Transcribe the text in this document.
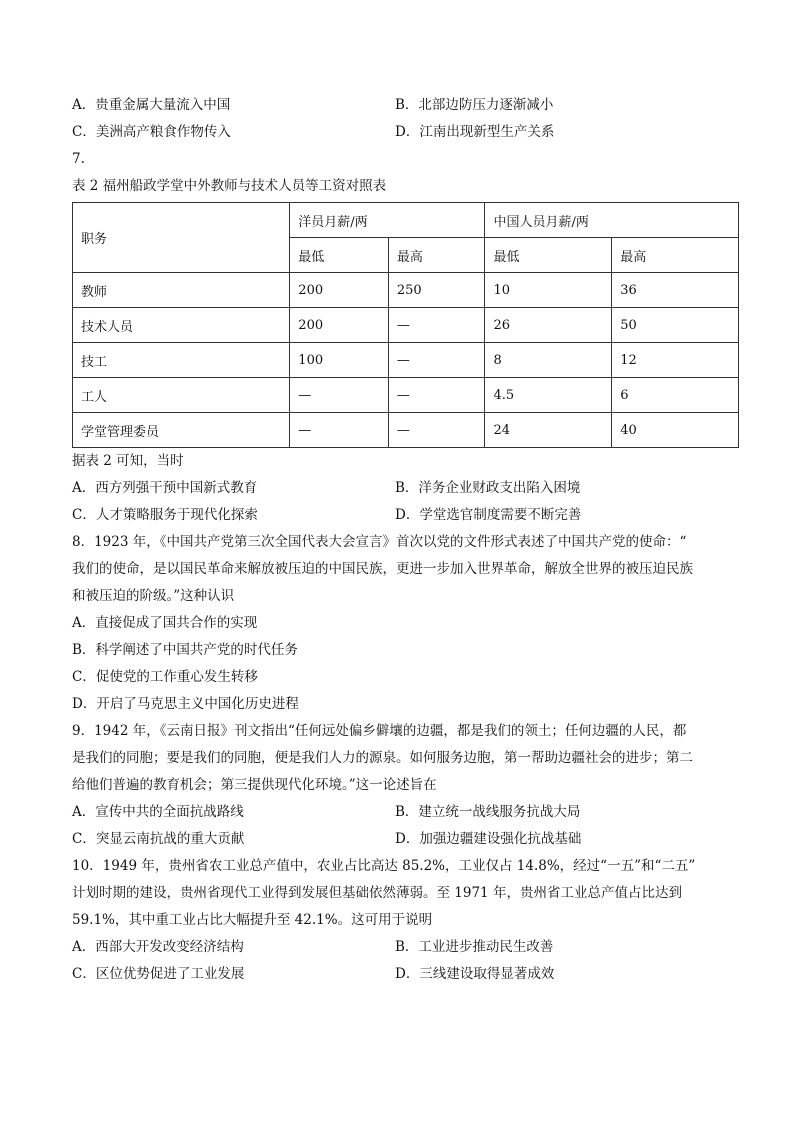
A．贵重金属大量流入中国	B．北部边防压力逐渐减小
C．美洲高产粮食作物传入	D．江南出现新型生产关系
7.
表 2 福州船政学堂中外教师与技术人员等工资对照表
职务	洋员月薪/两		中国人员月薪/两	
	最低	最高	最低	最高
教师	200	250	10	36
技术人员	200	—	26	50
技工	100	—	8	12
工人	—	—	4.5	6
学堂管理委员	—	—	24	40
据表 2 可知，当时
A．西方列强干预中国新式教育	B．洋务企业财政支出陷入困境
C．人才策略服务于现代化探索	D．学堂选官制度需要不断完善
8．1923 年，《中国共产党第三次全国代表大会宣言》首次以党的文件形式表述了中国共产党的使命：“
我们的使命，是以国民革命来解放被压迫的中国民族，更进一步加入世界革命，解放全世界的被压迫民族
和被压迫的阶级。”这种认识
A．直接促成了国共合作的实现
B．科学阐述了中国共产党的时代任务
C．促使党的工作重心发生转移
D．开启了马克思主义中国化历史进程
9．1942 年，《云南日报》刊文指出“任何远处偏乡僻壤的边疆，都是我们的领土；任何边疆的人民，都
是我们的同胞；要是我们的同胞，便是我们人力的源泉。如何服务边胞，第一帮助边疆社会的进步；第二
给他们普遍的教育机会；第三提供现代化环境。”这一论述旨在
A．宣传中共的全面抗战路线	B．建立统一战线服务抗战大局
C．突显云南抗战的重大贡献	D．加强边疆建设强化抗战基础
10．1949 年，贵州省农工业总产值中，农业占比高达 85.2%，工业仅占 14.8%，经过“一五”和“二五”
计划时期的建设，贵州省现代工业得到发展但基础依然薄弱。至 1971 年，贵州省工业总产值占比达到
59.1%，其中重工业占比大幅提升至 42.1%。这可用于说明
A．西部大开发改变经济结构	B．工业进步推动民生改善
C．区位优势促进了工业发展	D．三线建设取得显著成效
